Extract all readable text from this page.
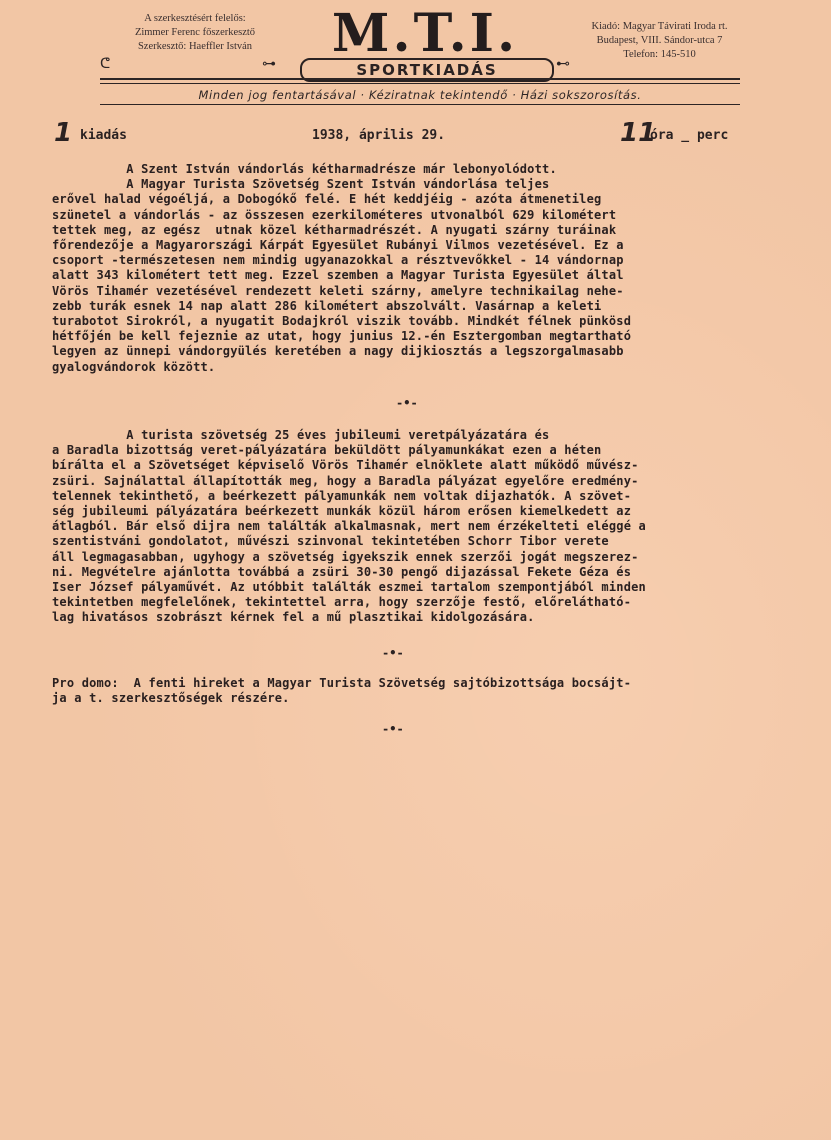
A szerkesztésért felelős:
Zimmer Ferenc főszerkesztő
Szerkesztő: Haeffler István	M.T.I.
SPORTKIADÁS
Kiadó: Magyar Távirati Iroda rt.
Budapest, VIII. Sándor-utca 7
Telefon: 145-510
ᕦ	⊶	⊷
Minden jog fentartásával · Kéziratnak tekintendő · Házi sokszorosítás.
1 kiadás	1938, április 29.	11
óra _ perc
A Szent István vándorlás kétharmadrésze már lebonyolódott.
A Magyar Turista Szövetség Szent István vándorlása teljes
erővel halad végoéljá, a Dobogókő felé. E hét keddjéig - azóta átmenetileg
szünetel a vándorlás - az összesen ezerkilométeres utvonalból 629 kilométert
tettek meg, az egész  utnak közel kétharmadrészét. A nyugati szárny turáinak
főrendezője a Magyarországi Kárpát Egyesület Rubányi Vilmos vezetésével. Ez a
csoport -természetesen nem mindig ugyanazokkal a résztvevőkkel - 14 vándornap
alatt 343 kilométert tett meg. Ezzel szemben a Magyar Turista Egyesület által
Vörös Tihamér vezetésével rendezett keleti szárny, amelyre technikailag nehe-
zebb turák esnek 14 nap alatt 286 kilométert abszolvált. Vasárnap a keleti
turabotot Sirokról, a nyugatit Bodajkról viszik tovább. Mindkét félnek pünkösd
hétfőjén be kell fejeznie az utat, hogy junius 12.-én Esztergomban megtartható
legyen az ünnepi vándorgyülés keretében a nagy dijkiosztás a legszorgalmasabb
gyalogvándorok között.
-•-
A turista szövetség 25 éves jubileumi veretpályázatára és
a Baradla bizottság veret-pályázatára beküldött pályamunkákat ezen a héten
bírálta el a Szövetséget képviselő Vörös Tihamér elnöklete alatt működő művész-
zsüri. Sajnálattal állapították meg, hogy a Baradla pályázat egyelőre eredmény-
telennek tekinthető, a beérkezett pályamunkák nem voltak dijazhatók. A szövet-
ség jubileumi pályázatára beérkezett munkák közül három erősen kiemelkedett az
átlagból. Bár első dijra nem találták alkalmasnak, mert nem érzékelteti eléggé a
szentistváni gondolatot, művészi szinvonal tekintetében Schorr Tibor verete
áll legmagasabban, ugyhogy a szövetség igyekszik ennek szerzői jogát megszerez-
ni. Megvételre ajánlotta továbbá a zsüri 30-30 pengő dijazással Fekete Géza és
Iser József pályaművét. Az utóbbit találták eszmei tartalom szempontjából minden
tekintetben megfelelőnek, tekintettel arra, hogy szerzője festő, előrelátható-
lag hivatásos szobrászt kérnek fel a mű plasztikai kidolgozására.
-•-
Pro domo:  A fenti hireket a Magyar Turista Szövetség sajtóbizottsága bocsájt-
ja a t. szerkesztőségek részére.
-•-
